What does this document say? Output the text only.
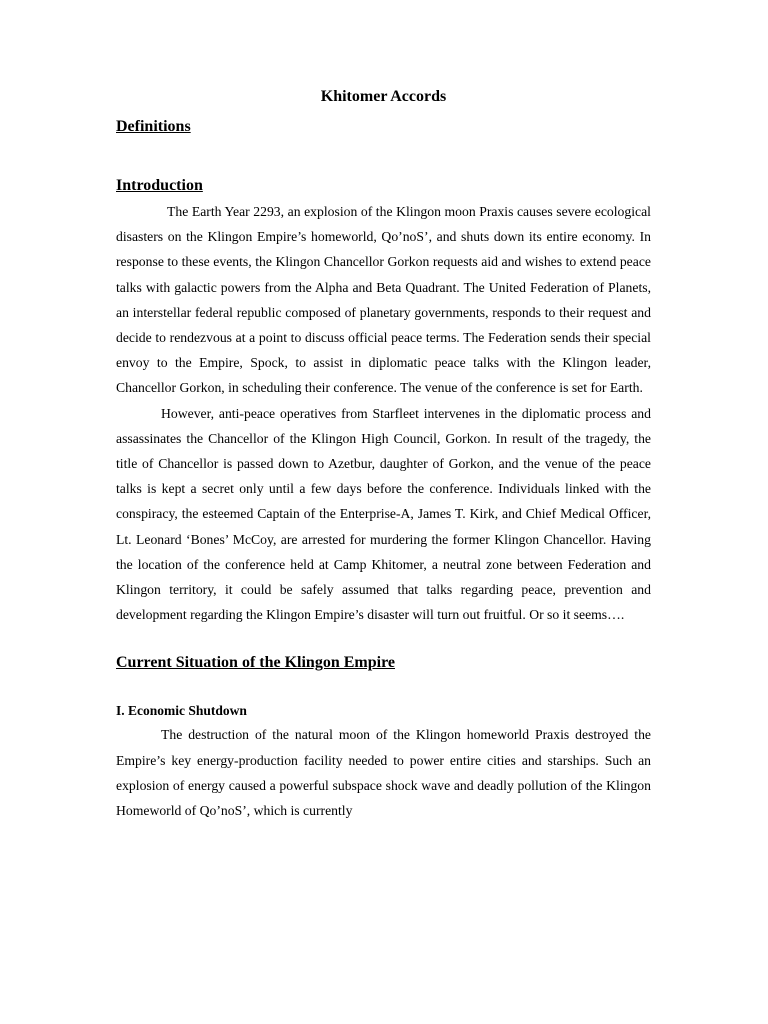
Khitomer Accords
Definitions
Introduction

The Earth Year 2293, an explosion of the Klingon moon Praxis causes severe ecological disasters on the Klingon Empire’s homeworld, Qo’noS’, and shuts down its entire economy. In response to these events, the Klingon Chancellor Gorkon requests aid and wishes to extend peace talks with galactic powers from the Alpha and Beta Quadrant. The United Federation of Planets, an interstellar federal republic composed of planetary governments, responds to their request and decide to rendezvous at a point to discuss official peace terms. The Federation sends their special envoy to the Empire, Spock, to assist in diplomatic peace talks with the Klingon leader, Chancellor Gorkon, in scheduling their conference. The venue of the conference is set for Earth.

However, anti-peace operatives from Starfleet intervenes in the diplomatic process and assassinates the Chancellor of the Klingon High Council, Gorkon. In result of the tragedy, the title of Chancellor is passed down to Azetbur, daughter of Gorkon, and the venue of the peace talks is kept a secret only until a few days before the conference. Individuals linked with the conspiracy, the esteemed Captain of the Enterprise-A, James T. Kirk, and Chief Medical Officer, Lt. Leonard ‘Bones’ McCoy, are arrested for murdering the former Klingon Chancellor. Having the location of the conference held at Camp Khitomer, a neutral zone between Federation and Klingon territory, it could be safely assumed that talks regarding peace, prevention and development regarding the Klingon Empire’s disaster will turn out fruitful. Or so it seems….

Current Situation of the Klingon Empire
I. Economic Shutdown

The destruction of the natural moon of the Klingon homeworld Praxis destroyed the Empire’s key energy-production facility needed to power entire cities and starships. Such an explosion of energy caused a powerful subspace shock wave and deadly pollution of the Klingon Homeworld of Qo’noS’, which is currently
